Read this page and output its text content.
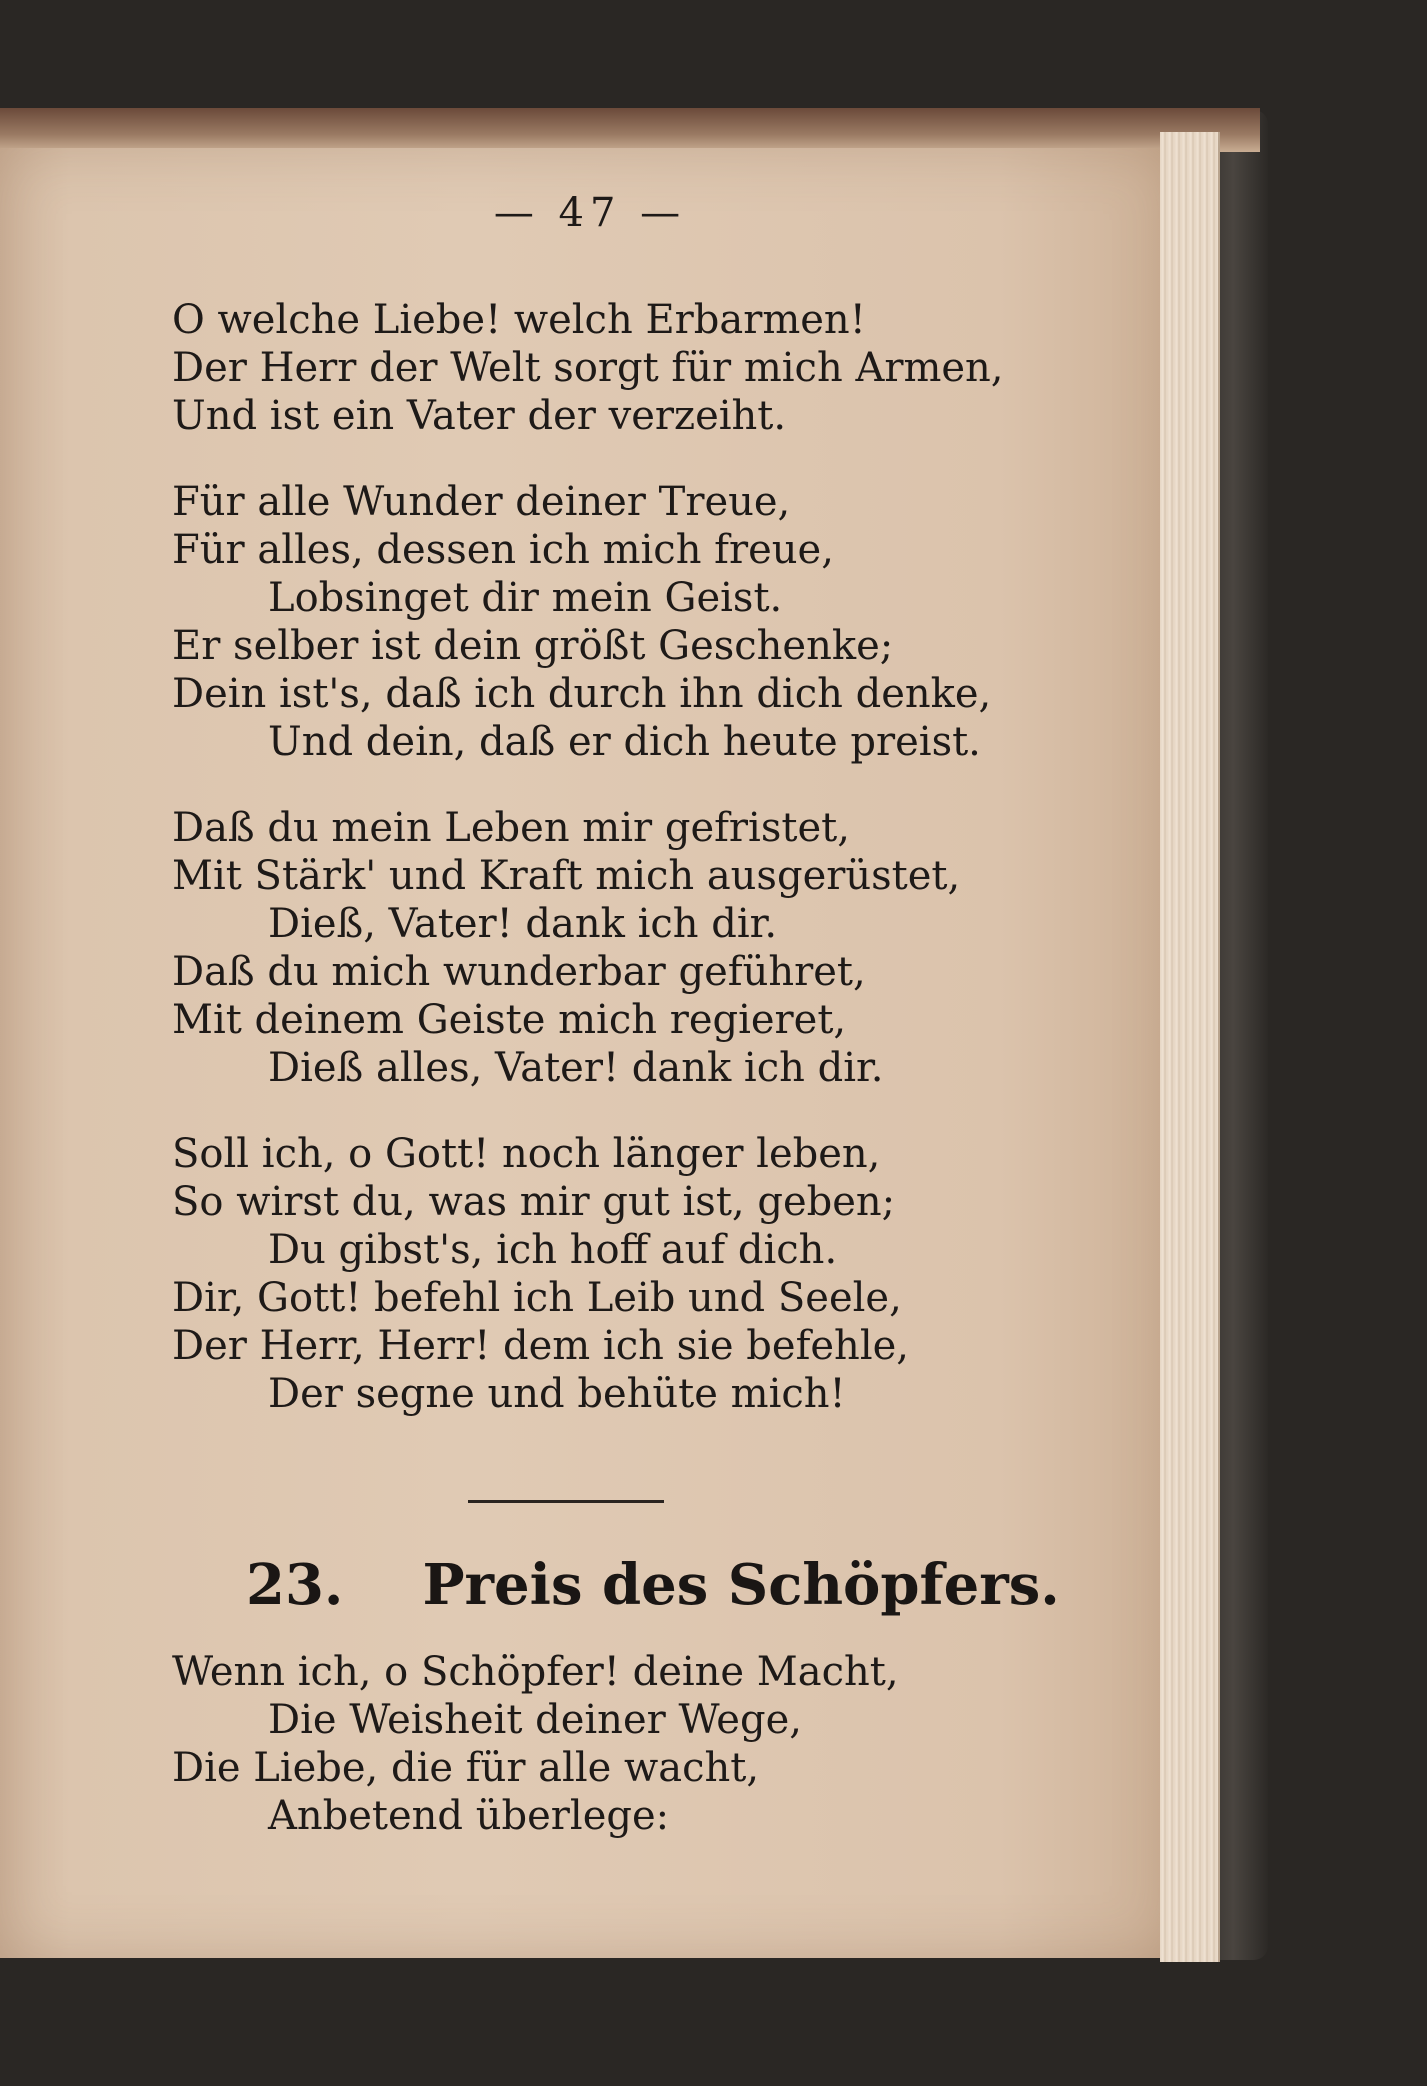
— 47 —
O welche Liebe! welch Erbarmen!
Der Herr der Welt sorgt für mich Armen,
Und ist ein Vater der verzeiht.
Für alle Wunder deiner Treue,
Für alles, dessen ich mich freue,
Lobsinget dir mein Geist.
Er selber ist dein größt Geschenke;
Dein ist's, daß ich durch ihn dich denke,
Und dein, daß er dich heute preist.
Daß du mein Leben mir gefristet,
Mit Stärk' und Kraft mich ausgerüstet,
Dieß, Vater! dank ich dir.
Daß du mich wunderbar geführet,
Mit deinem Geiste mich regieret,
Dieß alles, Vater! dank ich dir.
Soll ich, o Gott! noch länger leben,
So wirst du, was mir gut ist, geben;
Du gibst's, ich hoff auf dich.
Dir, Gott! befehl ich Leib und Seele,
Der Herr, Herr! dem ich sie befehle,
Der segne und behüte mich!
23. Preis des Schöpfers.
Wenn ich, o Schöpfer! deine Macht,
Die Weisheit deiner Wege,
Die Liebe, die für alle wacht,
Anbetend überlege:
